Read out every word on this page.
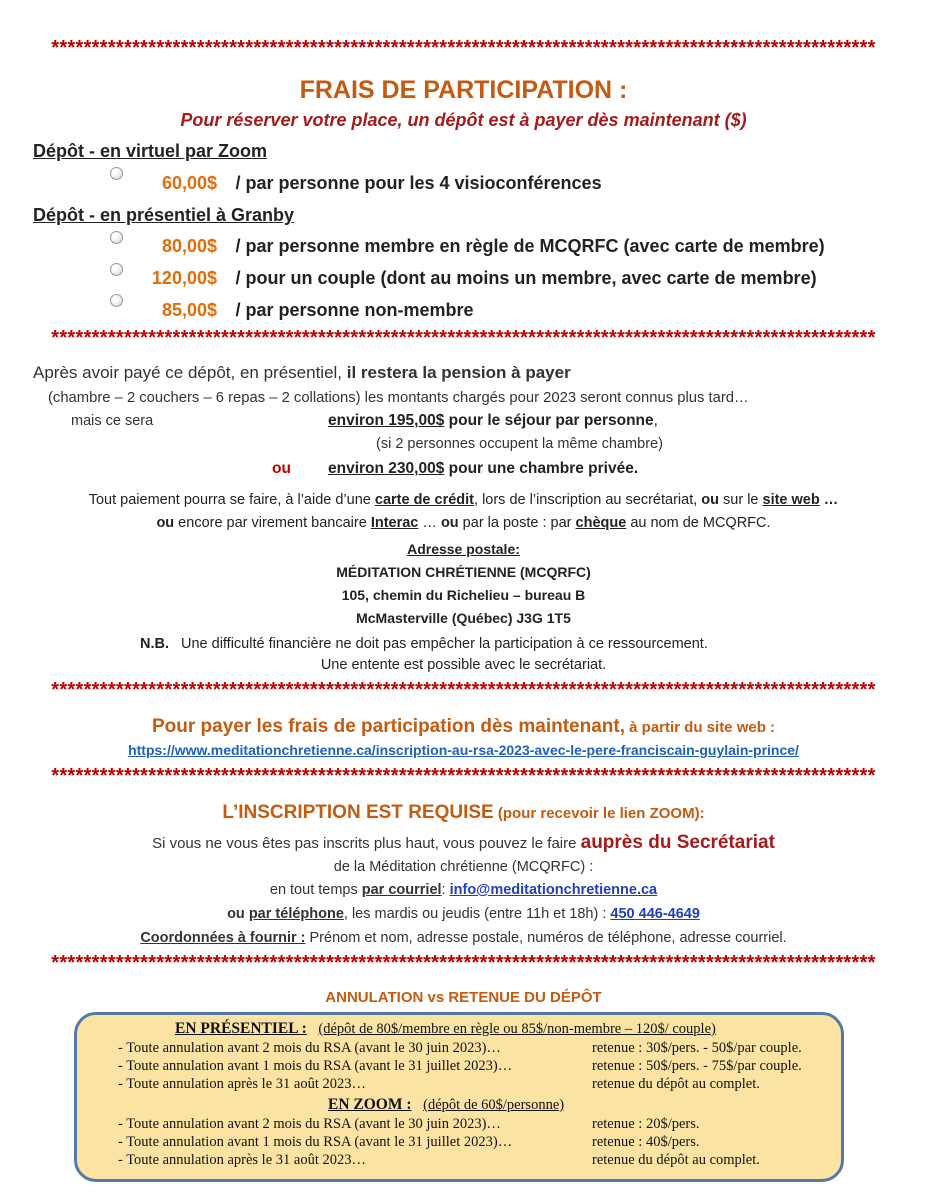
******************************************************************************************************
FRAIS DE PARTICIPATION :
Pour réserver votre place, un dépôt est à payer dès maintenant ($)
Dépôt - en virtuel par Zoom
60,00$ / par personne pour les 4 visioconférences
Dépôt - en présentiel à Granby
80,00$ / par personne membre en règle de MCQRFC (avec carte de membre)
120,00$ / pour un couple (dont au moins un membre, avec carte de membre)
85,00$ / par personne non-membre
******************************************************************************************************
Après avoir payé ce dépôt, en présentiel, il restera la pension à payer
(chambre – 2 couchers – 6 repas – 2 collations) les montants chargés pour 2023 seront connus plus tard…
mais ce sera	environ 195,00$ pour le séjour par personne,
(si 2 personnes occupent la même chambre)
ou environ 230,00$ pour une chambre privée.
Tout paiement pourra se faire, à l’aide d’une carte de crédit, lors de l’inscription au secrétariat, ou sur le site web …
ou encore par virement bancaire Interac … ou par la poste : par chèque au nom de MCQRFC.
Adresse postale:
MÉDITATION CHRÉTIENNE (MCQRFC)
105, chemin du Richelieu – bureau B
McMasterville (Québec) J3G 1T5
N.B. Une difficulté financière ne doit pas empêcher la participation à ce ressourcement.
Une entente est possible avec le secrétariat.
******************************************************************************************************
Pour payer les frais de participation dès maintenant, à partir du site web :
https://www.meditationchretienne.ca/inscription-au-rsa-2023-avec-le-pere-franciscain-guylain-prince/
******************************************************************************************************
L’INSCRIPTION EST REQUISE (pour recevoir le lien ZOOM):
Si vous ne vous êtes pas inscrits plus haut, vous pouvez le faire auprès du Secrétariat
de la Méditation chrétienne (MCQRFC) :
en tout temps par courriel: info@meditationchretienne.ca
ou par téléphone, les mardis ou jeudis (entre 11h et 18h) : 450 446-4649
Coordonnées à fournir : Prénom et nom, adresse postale, numéros de téléphone, adresse courriel.
******************************************************************************************************
ANNULATION vs RETENUE DU DÉPÔT
EN PRÉSENTIEL : (dépôt de 80$/membre en règle ou 85$/non-membre – 120$/ couple)
- Toute annulation avant 2 mois du RSA (avant le 30 juin 2023)…	retenue : 30$/pers. - 50$/par couple.
- Toute annulation avant 1 mois du RSA (avant le 31 juillet 2023)…	retenue : 50$/pers. - 75$/par couple.
- Toute annulation après le 31 août 2023…	retenue du dépôt au complet.
EN ZOOM : (dépôt de 60$/personne)
- Toute annulation avant 2 mois du RSA (avant le 30 juin 2023)…	retenue : 20$/pers.
- Toute annulation avant 1 mois du RSA (avant le 31 juillet 2023)…	retenue : 40$/pers.
- Toute annulation après le 31 août 2023…	retenue du dépôt au complet.
